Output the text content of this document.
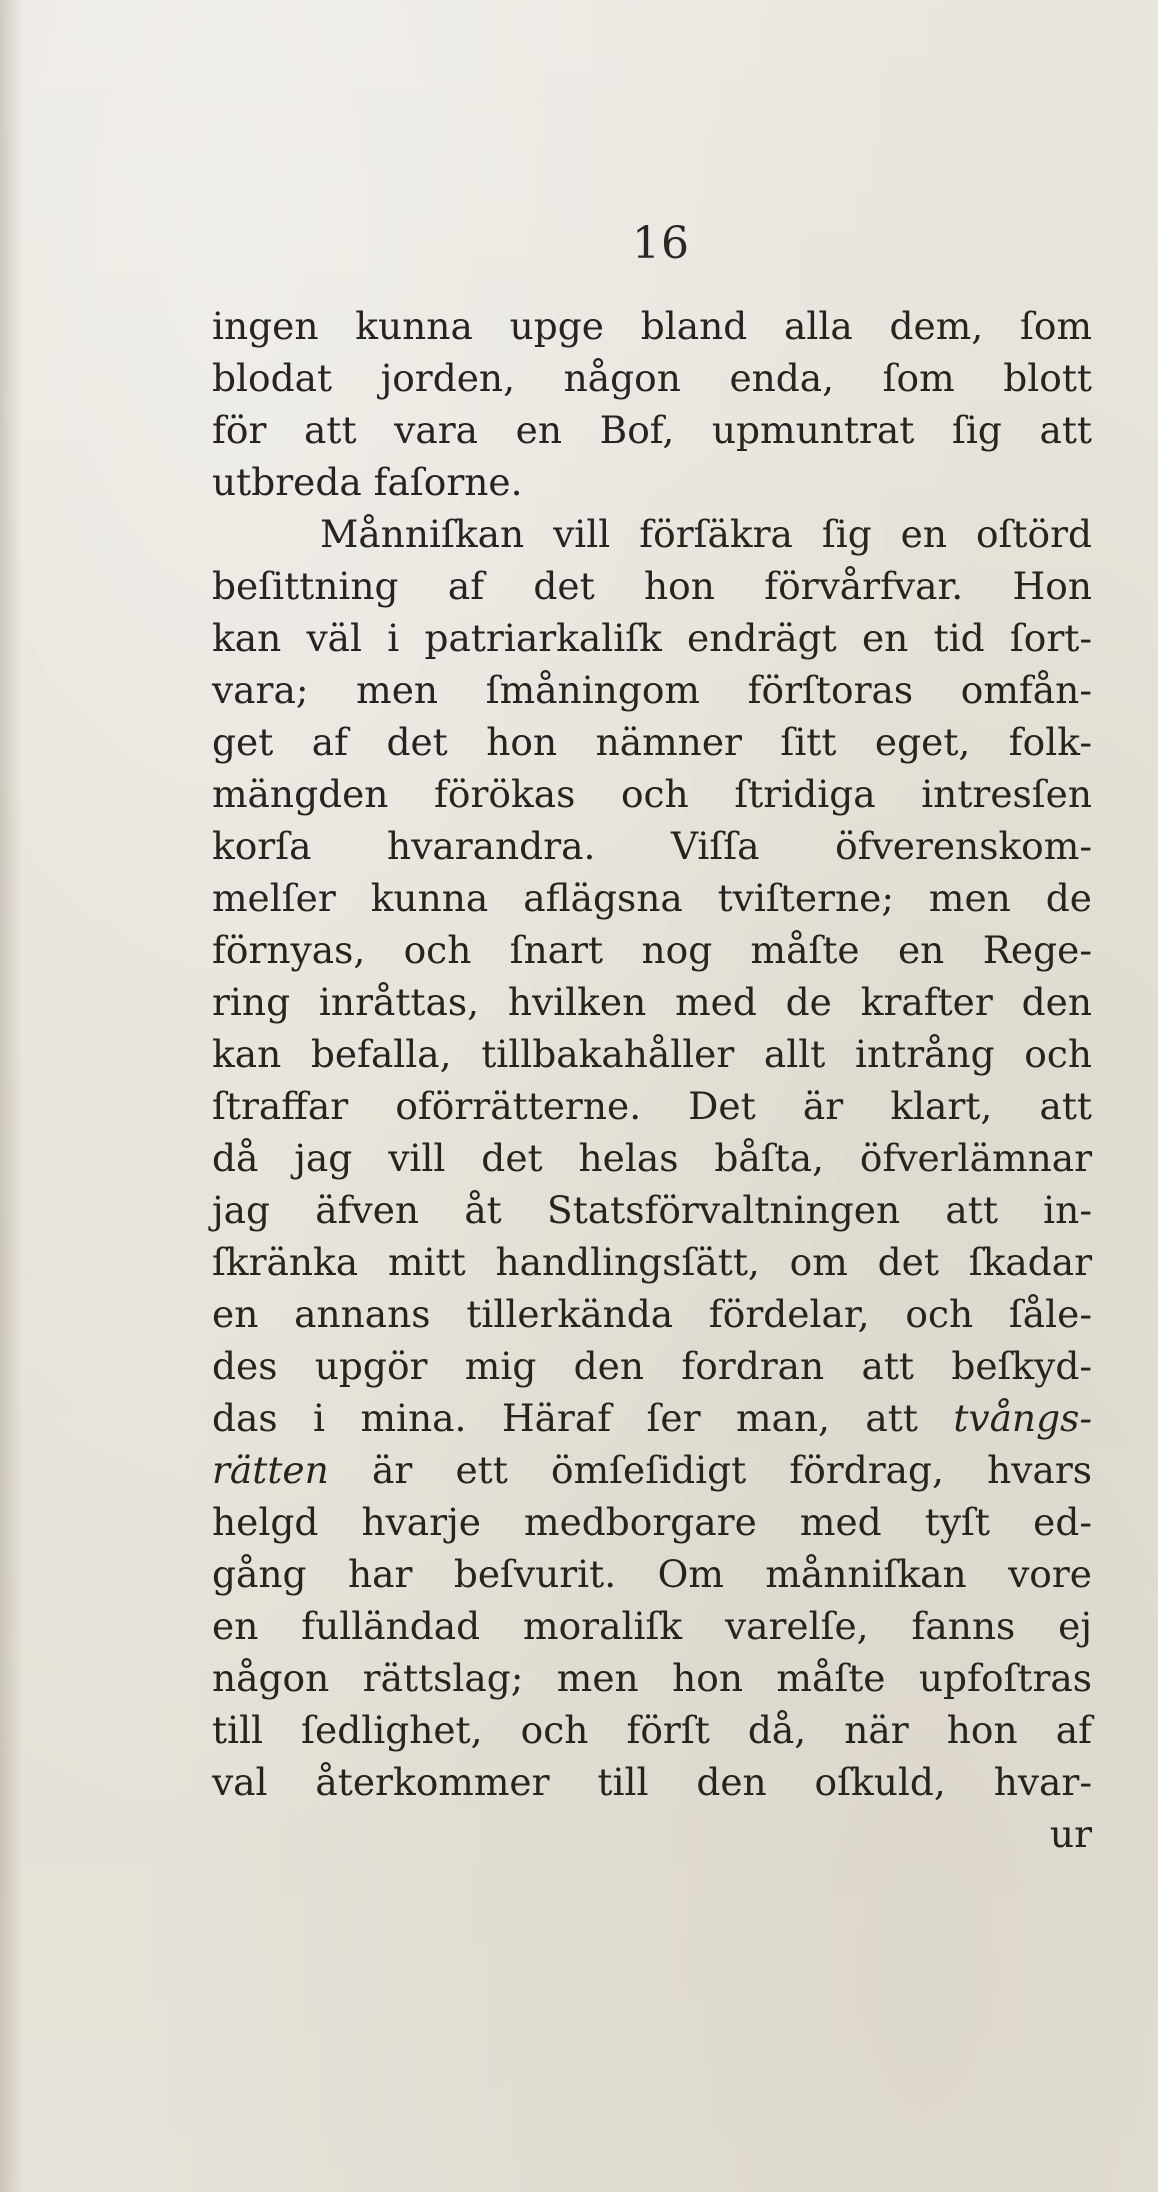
16
ingen kunna upge bland alla dem, ſom
blodat jorden, någon enda, ſom blott
för att vara en Bof, upmuntrat ſig att
utbreda faſorne.
Månniſkan vill förſäkra ſig en oſtörd
beſittning af det hon förvårfvar. Hon
kan väl i patriarkaliſk endrägt en tid ſort-
vara; men ſmåningom förſtoras omfån-
get af det hon nämner ſitt eget, folk-
mängden förökas och ſtridiga intresſen
korſa hvarandra. Viſſa öfverenskom-
melſer kunna aflägsna tviſterne; men de
förnyas, och ſnart nog måſte en Rege-
ring inråttas, hvilken med de krafter den
kan befalla, tillbakahåller allt intrång och
ſtraffar oförrätterne. Det är klart, att
då jag vill det helas båſta, öfverlämnar
jag äfven åt Statsförvaltningen att in-
ſkränka mitt handlingsſätt, om det ſkadar
en annans tillerkända fördelar, och ſåle-
des upgör mig den fordran att beſkyd-
das i mina. Häraf ſer man, att tvångs-
rätten är ett ömſeſidigt fördrag, hvars
helgd hvarje medborgare med tyſt ed-
gång har beſvurit. Om månniſkan vore
en fulländad moraliſk varelſe, fanns ej
någon rättslag; men hon måſte upfoſtras
till ſedlighet, och förſt då, när hon af
val återkommer till den oſkuld, hvar-
ur
